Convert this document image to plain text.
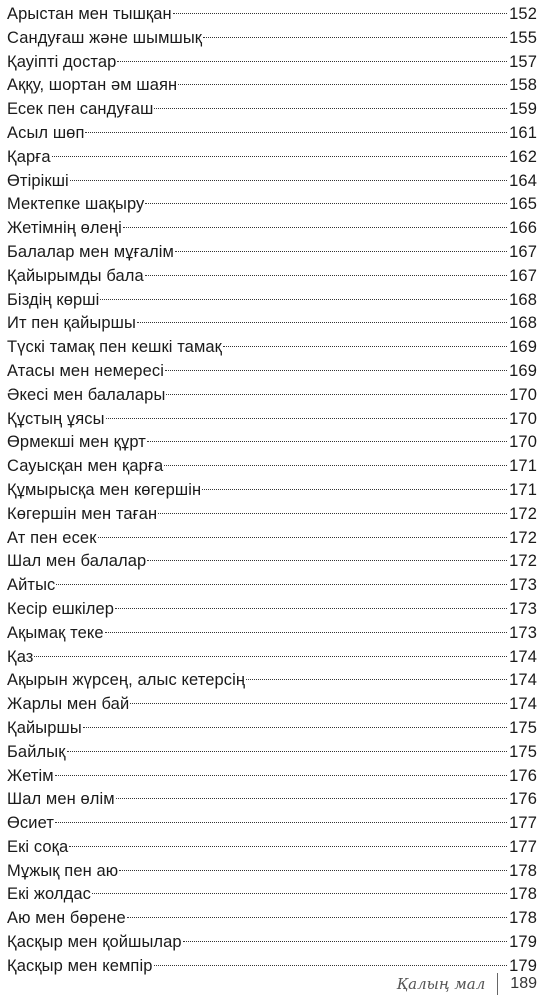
Арыстан мен тышқан	152
Сандуғаш және шымшық	155
Қауіпті достар	157
Аққу, шортан әм шаян	158
Есек пен сандуғаш	159
Асыл шөп	161
Қарға	162
Өтірікші	164
Мектепке шақыру	165
Жетімнің өлеңі	166
Балалар мен мұғалім	167
Қайырымды бала	167
Біздің көрші	168
Ит пен қайыршы	168
Түскі тамақ пен кешкі тамақ	169
Атасы мен немересі	169
Әкесі мен балалары	170
Құстың ұясы	170
Өрмекші мен құрт	170
Сауысқан мен қарға	171
Құмырысқа мен көгершін	171
Көгершін мен таған	172
Ат пен есек	172
Шал мен балалар	172
Айтыс	173
Кесір ешкілер	173
Ақымақ теке	173
Қаз	174
Ақырын жүрсең, алыс кетерсің	174
Жарлы мен бай	174
Қайыршы	175
Байлық	175
Жетім	176
Шал мен өлім	176
Өсиет	177
Екі соқа	177
Мұжық пен аю	178
Екі жолдас	178
Аю мен бөрене	178
Қасқыр мен қойшылар	179
Қасқыр мен кемпір	179
Қалың мал 189
